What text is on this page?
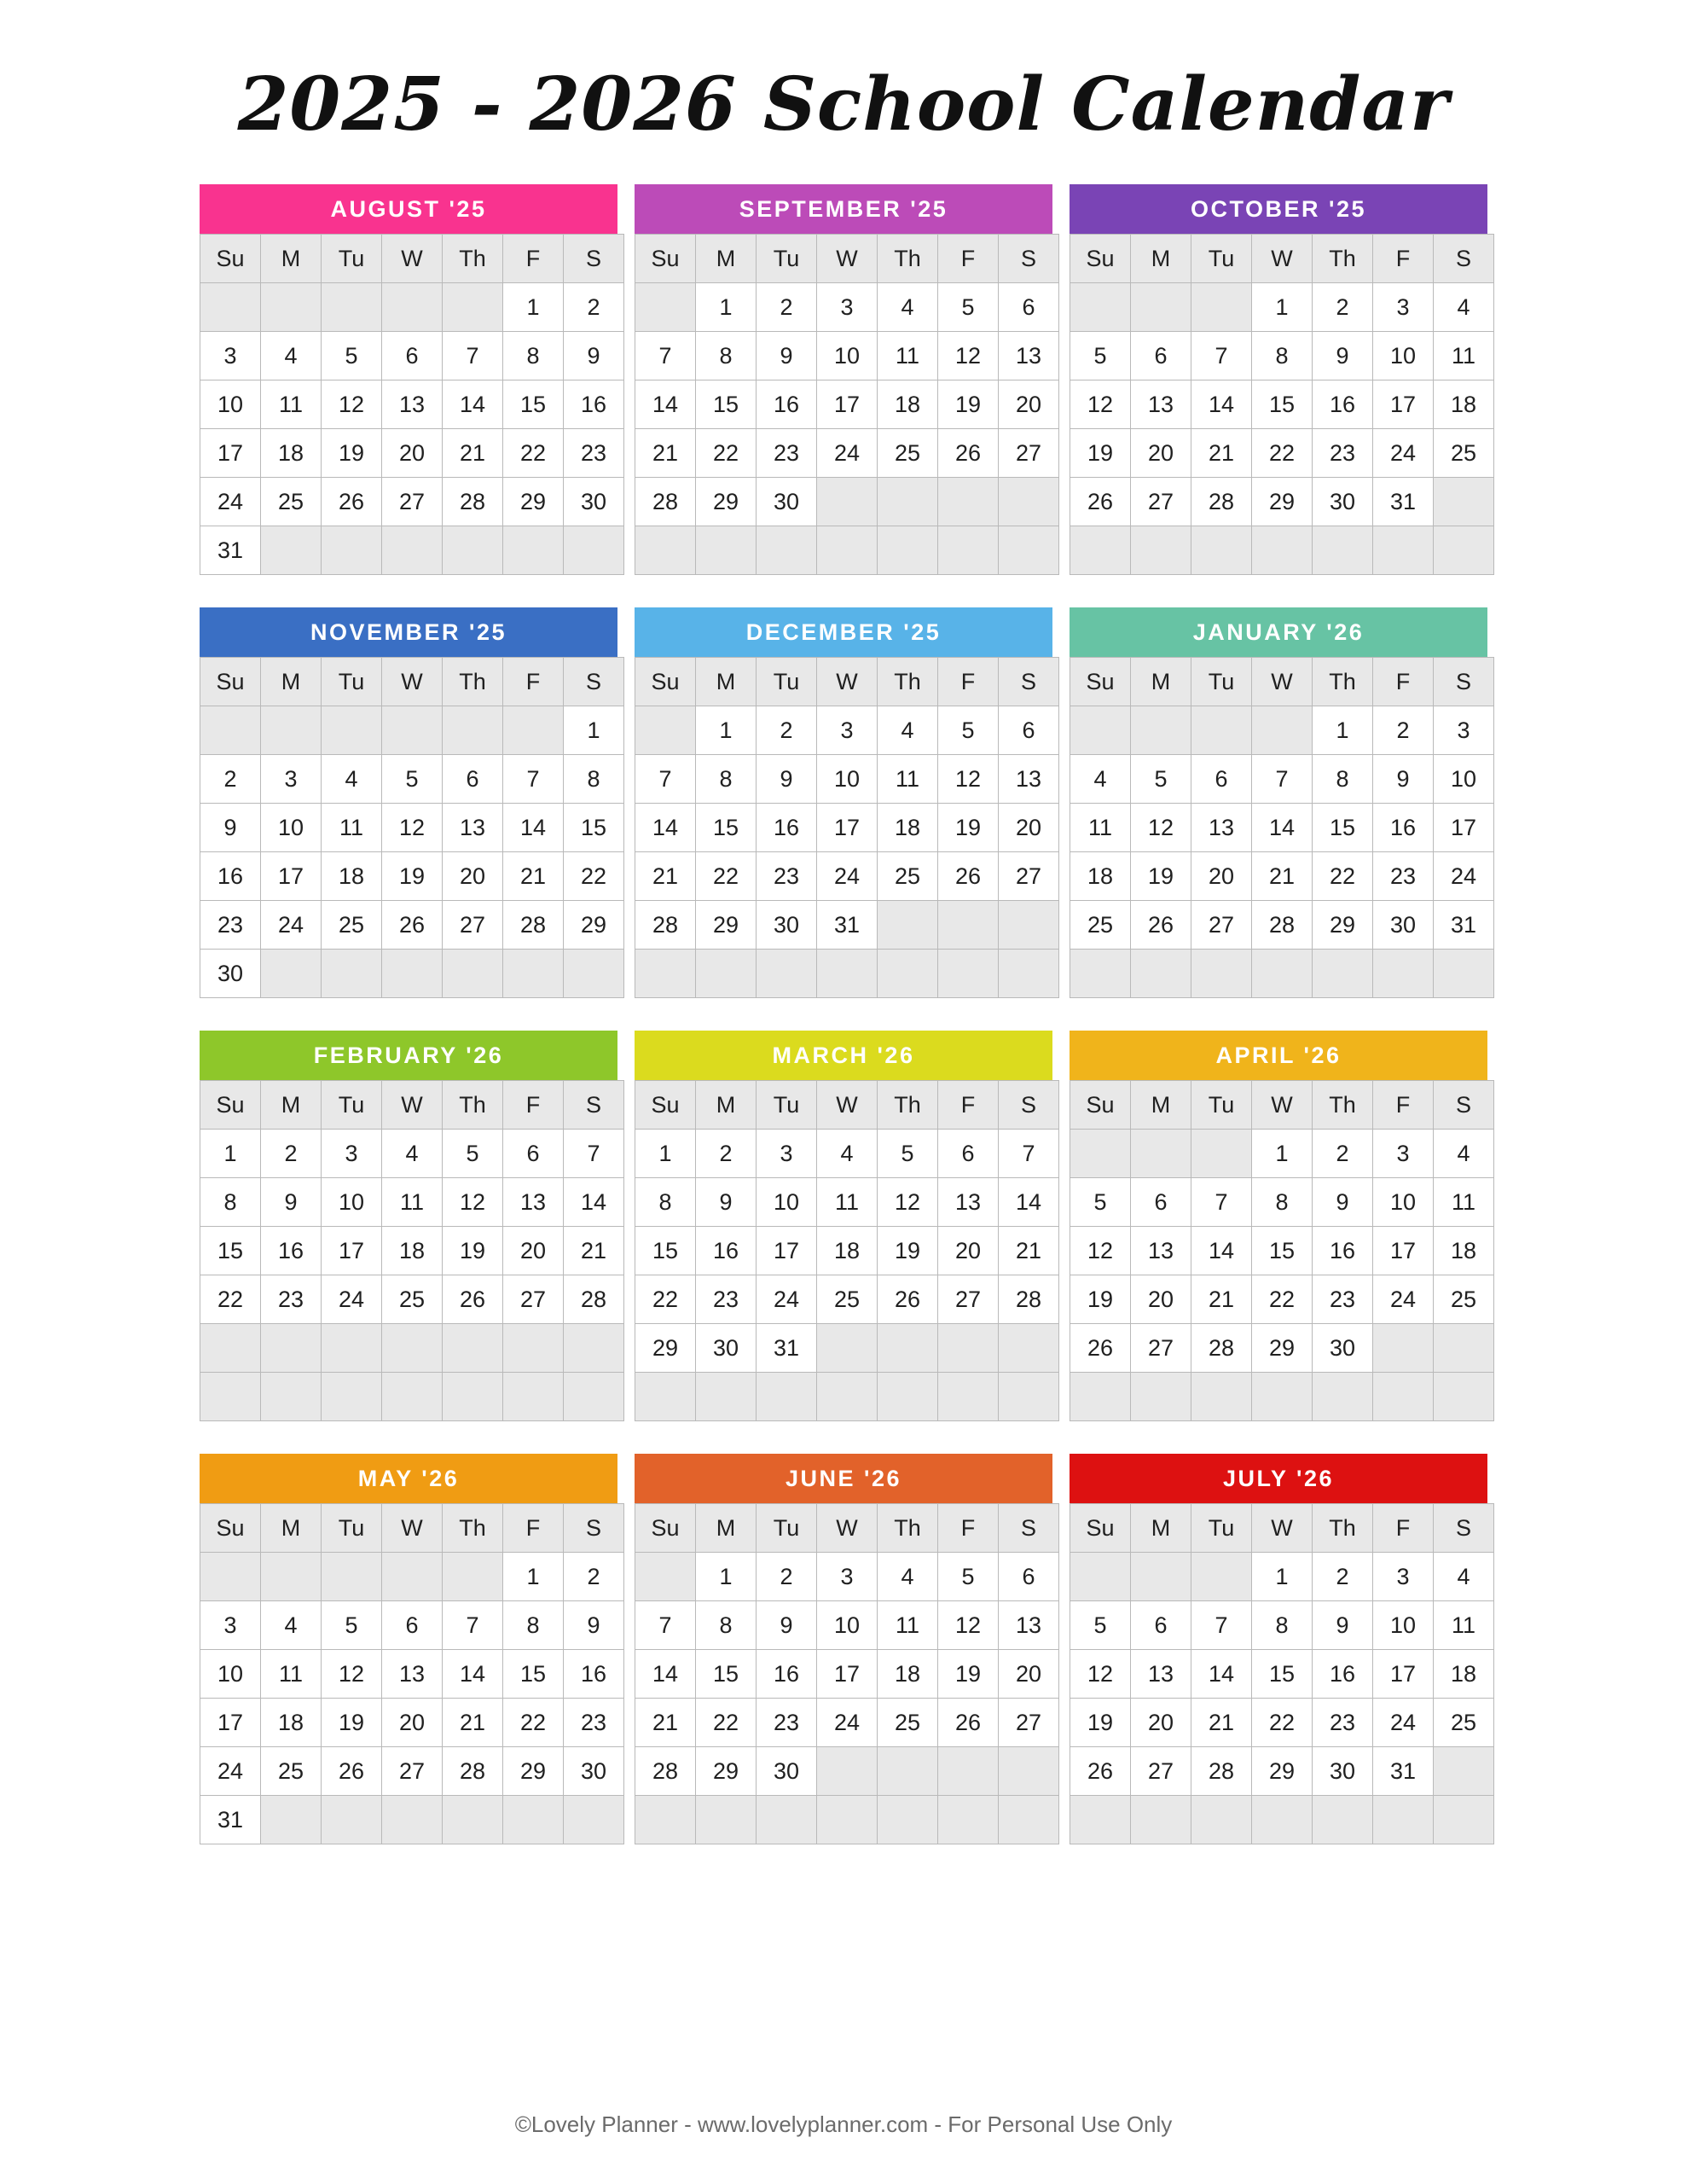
2025 - 2026 School Calendar
AUGUST '25
Su	M	Tu	W	Th	F	S
					1	2
3	4	5	6	7	8	9
10	11	12	13	14	15	16
17	18	19	20	21	22	23
24	25	26	27	28	29	30
31						
SEPTEMBER '25
Su	M	Tu	W	Th	F	S
	1	2	3	4	5	6
7	8	9	10	11	12	13
14	15	16	17	18	19	20
21	22	23	24	25	26	27
28	29	30				

OCTOBER '25
Su	M	Tu	W	Th	F	S
			1	2	3	4
5	6	7	8	9	10	11
12	13	14	15	16	17	18
19	20	21	22	23	24	25
26	27	28	29	30	31	

NOVEMBER '25
Su	M	Tu	W	Th	F	S
						1
2	3	4	5	6	7	8
9	10	11	12	13	14	15
16	17	18	19	20	21	22
23	24	25	26	27	28	29
30						
DECEMBER '25
Su	M	Tu	W	Th	F	S
	1	2	3	4	5	6
7	8	9	10	11	12	13
14	15	16	17	18	19	20
21	22	23	24	25	26	27
28	29	30	31			

JANUARY '26
Su	M	Tu	W	Th	F	S
				1	2	3
4	5	6	7	8	9	10
11	12	13	14	15	16	17
18	19	20	21	22	23	24
25	26	27	28	29	30	31

FEBRUARY '26
Su	M	Tu	W	Th	F	S
1	2	3	4	5	6	7
8	9	10	11	12	13	14
15	16	17	18	19	20	21
22	23	24	25	26	27	28

MARCH '26
Su	M	Tu	W	Th	F	S
1	2	3	4	5	6	7
8	9	10	11	12	13	14
15	16	17	18	19	20	21
22	23	24	25	26	27	28
29	30	31				

APRIL '26
Su	M	Tu	W	Th	F	S
			1	2	3	4
5	6	7	8	9	10	11
12	13	14	15	16	17	18
19	20	21	22	23	24	25
26	27	28	29	30		

MAY '26
Su	M	Tu	W	Th	F	S
					1	2
3	4	5	6	7	8	9
10	11	12	13	14	15	16
17	18	19	20	21	22	23
24	25	26	27	28	29	30
31						
JUNE '26
Su	M	Tu	W	Th	F	S
	1	2	3	4	5	6
7	8	9	10	11	12	13
14	15	16	17	18	19	20
21	22	23	24	25	26	27
28	29	30				

JULY '26
Su	M	Tu	W	Th	F	S
			1	2	3	4
5	6	7	8	9	10	11
12	13	14	15	16	17	18
19	20	21	22	23	24	25
26	27	28	29	30	31	

©Lovely Planner - www.lovelyplanner.com - For Personal Use Only
